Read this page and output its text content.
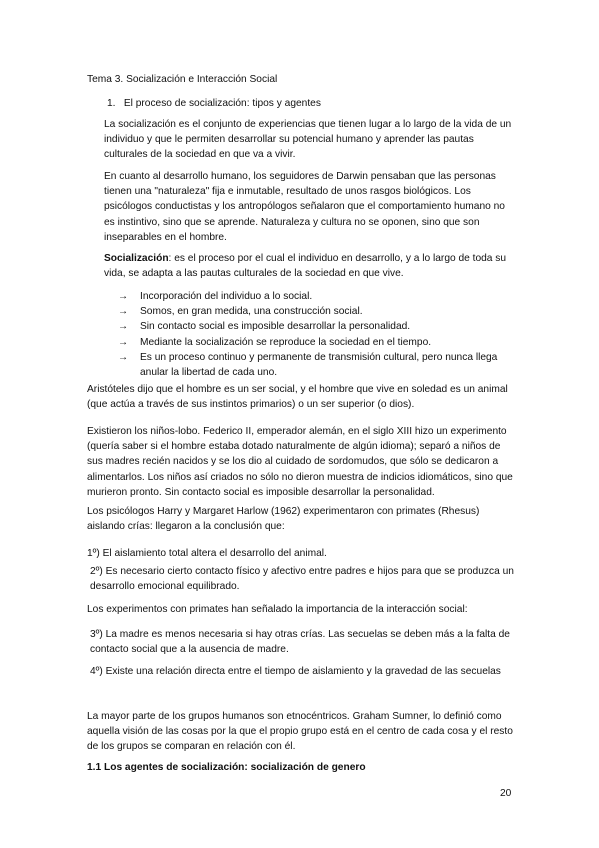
Tema 3. Socialización e Interacción Social

1. El proceso de socialización: tipos y agentes

La socialización es el conjunto de experiencias que tienen lugar a lo largo de la vida de un individuo y que le permiten desarrollar su potencial humano y aprender las pautas culturales de la sociedad en que va a vivir.

En cuanto al desarrollo humano, los seguidores de Darwin pensaban que las personas tienen una "naturaleza" fija e inmutable, resultado de unos rasgos biológicos. Los psicólogos conductistas y los antropólogos señalaron que el comportamiento humano no es instintivo, sino que se aprende. Naturaleza y cultura no se oponen, sino que son inseparables en el hombre.

Socialización: es el proceso por el cual el individuo en desarrollo, y a lo largo de toda su vida, se adapta a las pautas culturales de la sociedad en que vive.

→ Incorporación del individuo a lo social.
→ Somos, en gran medida, una construcción social.
→ Sin contacto social es imposible desarrollar la personalidad.
→ Mediante la socialización se reproduce la sociedad en el tiempo.
→ Es un proceso continuo y permanente de transmisión cultural, pero nunca llega anular la libertad de cada uno.

Aristóteles dijo que el hombre es un ser social, y el hombre que vive en soledad es un animal (que actúa a través de sus instintos primarios) o un ser superior (o dios).

Existieron los niños-lobo. Federico II, emperador alemán, en el siglo XIII hizo un experimento (quería saber si el hombre estaba dotado naturalmente de algún idioma); separó a niños de sus madres recién nacidos y se los dio al cuidado de sordomudos, que sólo se dedicaron a alimentarlos. Los niños así criados no sólo no dieron muestra de indicios idiomáticos, sino que murieron pronto. Sin contacto social es imposible desarrollar la personalidad.

Los psicólogos Harry y Margaret Harlow (1962) experimentaron con primates (Rhesus) aislando crías: llegaron a la conclusión que:

1º) El aislamiento total altera el desarrollo del animal.

2º) Es necesario cierto contacto físico y afectivo entre padres e hijos para que se produzca un desarrollo emocional equilibrado.

Los experimentos con primates han señalado la importancia de la interacción social:

3º) La madre es menos necesaria si hay otras crías. Las secuelas se deben más a la falta de contacto social que a la ausencia de madre.

4º) Existe una relación directa entre el tiempo de aislamiento y la gravedad de las secuelas

La mayor parte de los grupos humanos son etnocéntricos. Graham Sumner, lo definió como aquella visión de las cosas por la que el propio grupo está en el centro de cada cosa y el resto de los grupos se comparan en relación con él.

1.1 Los agentes de socialización: socialización de genero

20
